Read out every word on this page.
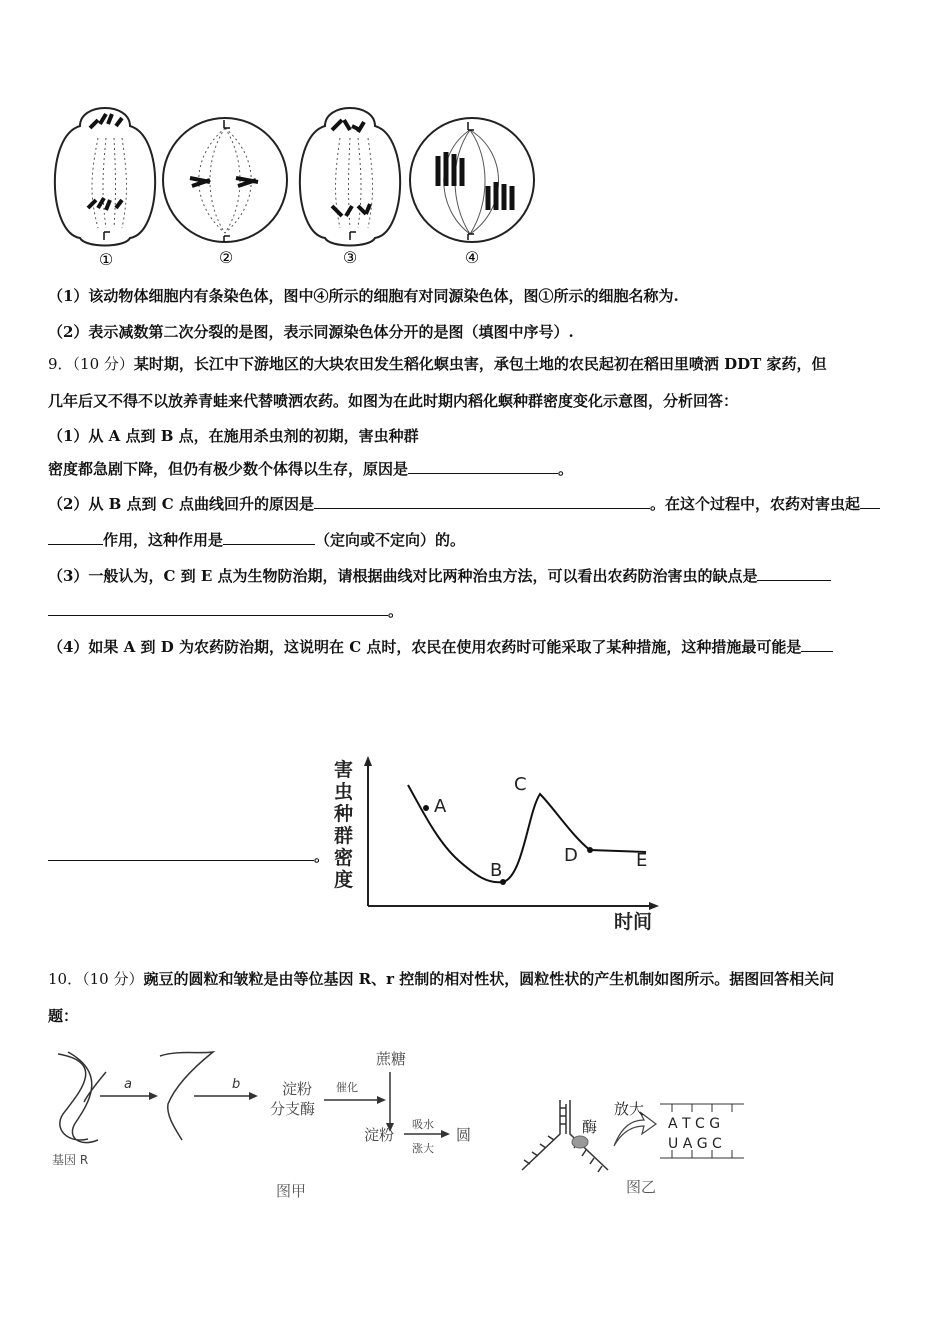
①	②	③	④
（1）该动物体细胞内有条染色体，图中④所示的细胞有对同源染色体，图①所示的细胞名称为.
（2）表示减数第二次分裂的是图，表示同源染色体分开的是图（填图中序号）.
9．（10 分）某时期，长江中下游地区的大块农田发生稻化螟虫害，承包土地的农民起初在稻田里喷洒 DDT 家药，但
几年后又不得不以放养青蛙来代替喷洒农药。如图为在此时期内稻化螟种群密度变化示意图，分析回答：
（1）从 A 点到 B 点，在施用杀虫剂的初期，害虫种群
密度都急剧下降，但仍有极少数个体得以生存，原因是	。
（2）从 B 点到 C 点曲线回升的原因是	。在这个过程中，农药对害虫起
作用，这种作用是	（定向或不定向）的。
（3）一般认为，C 到 E 点为生物防治期，请根据曲线对比两种治虫方法，可以看出农药防治害虫的缺点是
。
（4）如果 A 到 D 为农药防治期，这说明在 C 点时，农民在使用农药时可能采取了某种措施，这种措施最可能是
。
害
虫
种
群
密
度
A
B
C
D	E
时间
10．（10 分）豌豆的圆粒和皱粒是由等位基因 R、r 控制的相对性状，圆粒性状的产生机制如图所示。据图回答相关问
题：
基因 R
a	b	淀粉
分支酶
蔗糖
催化
淀粉
吸水
涨大
圆
图甲
酶
放大
A T C G
U A G C
图乙
